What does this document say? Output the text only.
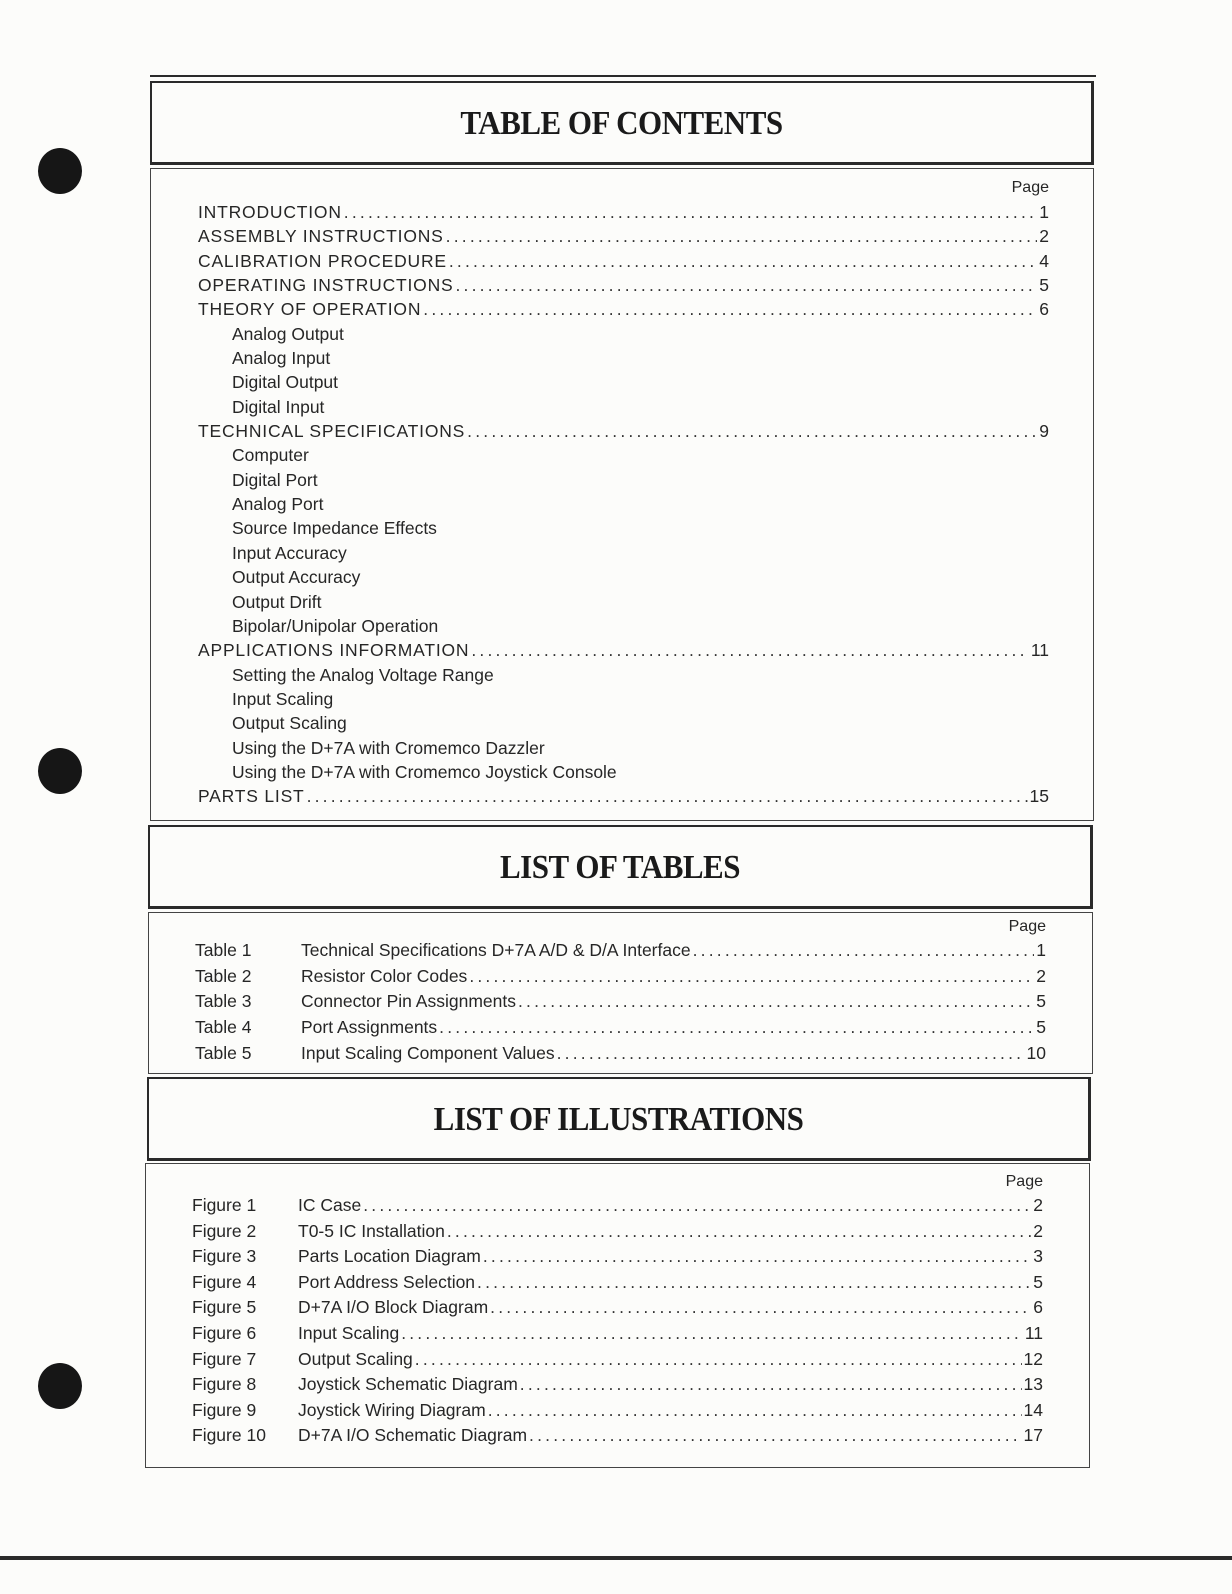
TABLE OF CONTENTS
Page
INTRODUCTION .....	1
ASSEMBLY INSTRUCTIONS .....	2
CALIBRATION PROCEDURE .....	4
OPERATING INSTRUCTIONS .....	5
THEORY OF OPERATION .....	6
Analog Output
Analog Input
Digital Output
Digital Input
TECHNICAL SPECIFICATIONS .....	9
Computer
Digital Port
Analog Port
Source Impedance Effects
Input Accuracy
Output Accuracy
Output Drift
Bipolar/Unipolar Operation
APPLICATIONS INFORMATION .....	11
Setting the Analog Voltage Range
Input Scaling
Output Scaling
Using the D+7A with Cromemco Dazzler
Using the D+7A with Cromemco Joystick Console
PARTS LIST .....	15
LIST OF TABLES
Page
Table 1	Technical Specifications D+7A A/D & D/A Interface .....	1
Table 2	Resistor Color Codes .....	2
Table 3	Connector Pin Assignments .....	5
Table 4	Port Assignments .....	5
Table 5	Input Scaling Component Values .....	10
LIST OF ILLUSTRATIONS
Page
Figure 1	IC Case .....	2
Figure 2	T0-5 IC Installation .....	2
Figure 3	Parts Location Diagram .....	3
Figure 4	Port Address Selection .....	5
Figure 5	D+7A I/O Block Diagram .....	6
Figure 6	Input Scaling .....	11
Figure 7	Output Scaling .....	12
Figure 8	Joystick Schematic Diagram .....	13
Figure 9	Joystick Wiring Diagram .....	14
Figure 10	D+7A I/O Schematic Diagram .....	17
